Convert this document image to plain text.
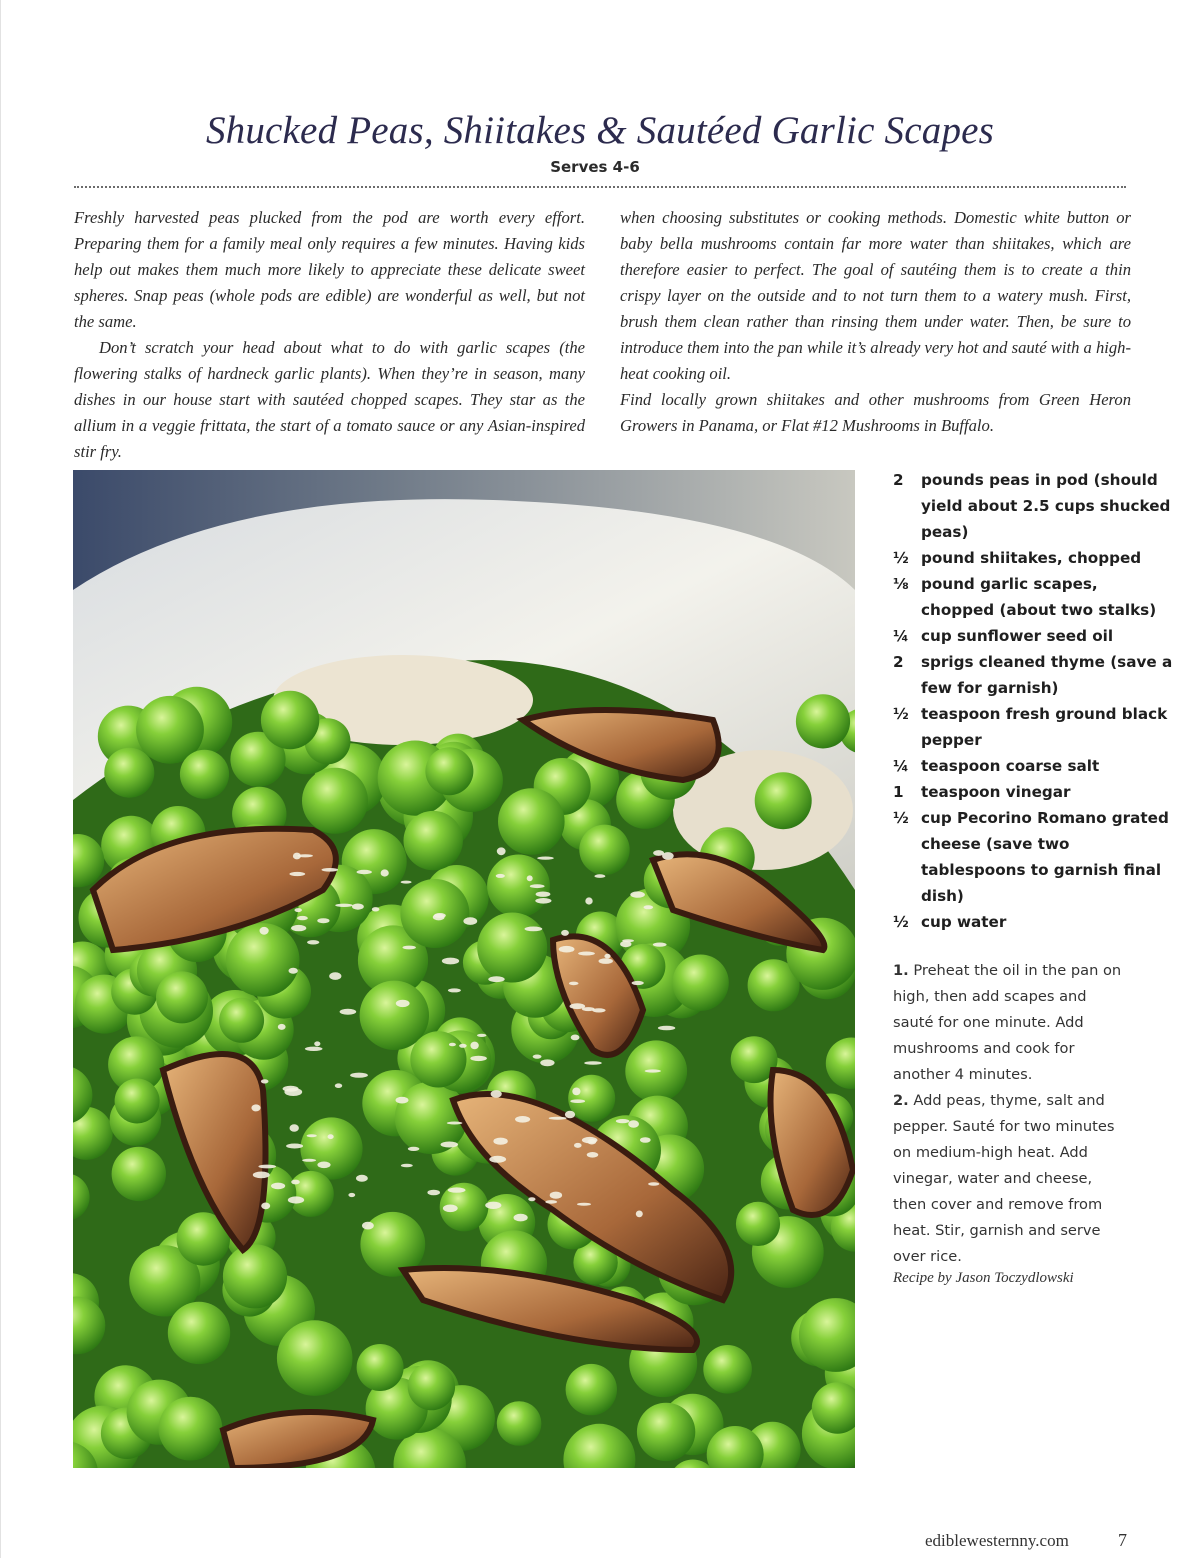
Shucked Peas, Shiitakes & Sautéed Garlic Scapes
Serves 4-6

Freshly harvested peas plucked from the pod are worth every effort. Preparing them for a family meal only requires a few minutes. Having kids help out makes them much more likely to appreciate these delicate sweet spheres. Snap peas (whole pods are edible) are wonderful as well, but not the same.

Don’t scratch your head about what to do with garlic scapes (the flowering stalks of hardneck garlic plants). When they’re in season, many dishes in our house start with sautéed chopped scapes. They star as the allium in a veggie frittata, the start of a tomato sauce or any Asian-inspired stir fry.

when choosing substitutes or cooking methods. Domestic white button or baby bella mushrooms contain far more water than shiitakes, which are therefore easier to perfect. The goal of sautéing them is to create a thin crispy layer on the outside and to not turn them to a watery mush. First, brush them clean rather than rinsing them under water. Then, be sure to introduce them into the pan while it’s already very hot and sauté with a high-heat cooking oil.

Find locally grown shiitakes and other mushrooms from Green Heron Growers in Panama, or Flat #12 Mushrooms in Buffalo.

2 pounds peas in pod (should yield about 2.5 cups shucked peas)
½ pound shiitakes, chopped
⅛ pound garlic scapes, chopped (about two stalks)
¼ cup sunflower seed oil
2 sprigs cleaned thyme (save a few for garnish)
½ teaspoon fresh ground black pepper
¼ teaspoon coarse salt
1 teaspoon vinegar
½ cup Pecorino Romano grated cheese (save two tablespoons to garnish final dish)
½ cup water

1. Preheat the oil in the pan on high, then add scapes and sauté for one minute. Add mushrooms and cook for another 4 minutes.

2. Add peas, thyme, salt and pepper. Sauté for two minutes on medium-high heat. Add vinegar, water and cheese, then cover and remove from heat. Stir, garnish and serve over rice.

Recipe by Jason Toczydlowski
ediblewesternny.com	7
